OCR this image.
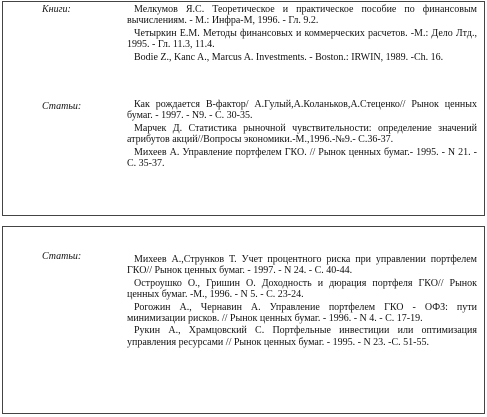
Книги:
Статьи:

Мелкумов Я.С. Теоретическое и практическое пособие по финансовым вычислениям. - М.: Инфра-М, 1996. - Гл. 9.2.

Четыркин Е.М. Методы финансовых и коммерческих расчетов. -М.: Дело Лтд., 1995. - Гл. 11.3, 11.4.

Bodie Z., Kanc A., Marcus A. Investments. - Boston.: IRWIN, 1989. -Ch. 16.

Как рождается В-фактор/ А.Гулый,А.Коланьков,А.Стеценко// Рынок ценных бумаг. - 1997. - N9. - C. 30-35.

Марчек Д. Статистика рыночной чувствительности: определение значений атрибутов акций//Вопросы экономики.-М.,1996.-№9.- С.36-37.

Михеев А. Управление портфелем ГКО. // Рынок ценных бумаг.- 1995. - N 21. - C. 35-37.

Статьи:	Михеев А.,Струнков Т. Учет процентного риска при управлении портфелем ГКО// Рынок ценных бумаг. - 1997. - N 24. - C. 40-44.

Остроушко О., Гришин О. Доходность и дюрация портфеля ГКО// Рынок ценных бумаг. -М., 1996. - N 5. - C. 23-24.

Рогожин А., Чернавин А. Управление портфелем ГКО - ОФЗ: пути минимизации рисков. // Рынок ценных бумаг. - 1996. - N 4. - C. 17-19.

Рукин А., Храмцовский С. Портфельные инвестиции или оптимизация управления ресурсами // Рынок ценных бумаг. - 1995. - N 23. -C. 51-55.
